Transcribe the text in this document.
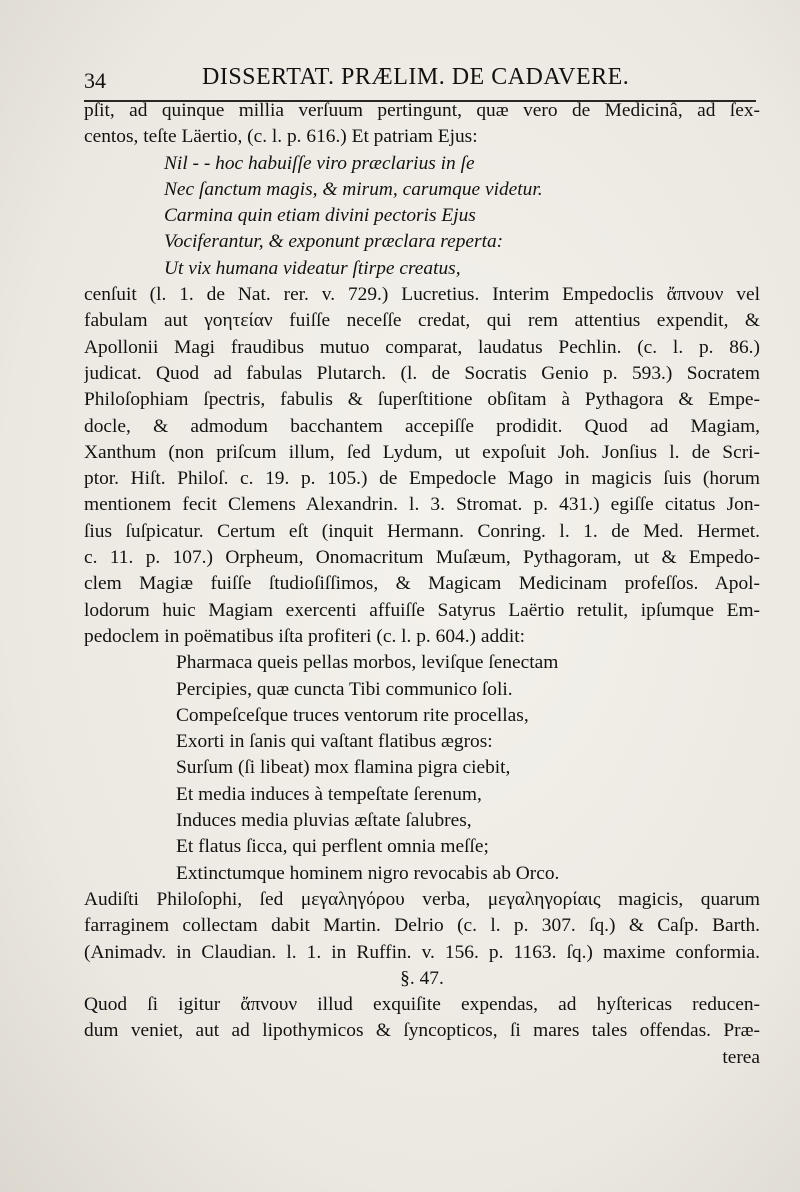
34	DISSERTAT. PRÆLIM. DE CADAVERE.
pſit, ad quinque millia verſuum pertingunt, quæ vero de Medicinâ, ad ſex-
centos, teſte Läertio, (c. l. p. 616.) Et patriam Ejus:
Nil - - hoc habuiſſe viro præclarius in ſe
Nec ſanctum magis, & mirum, carumque videtur.
Carmina quin etiam divini pectoris Ejus
Vociferantur, & exponunt præclara reperta:
Ut vix humana videatur ſtirpe creatus,
cenſuit (l. 1. de Nat. rer. v. 729.) Lucretius. Interim Empedoclis ἄπνουν vel
fabulam aut γοητείαν fuiſſe neceſſe credat, qui rem attentius expendit, &
Apollonii Magi fraudibus mutuo comparat, laudatus Pechlin. (c. l. p. 86.)
judicat. Quod ad fabulas Plutarch. (l. de Socratis Genio p. 593.) Socratem
Philoſophiam ſpectris, fabulis & ſuperſtitione obſitam à Pythagora & Empe-
docle, & admodum bacchantem accepiſſe prodidit. Quod ad Magiam,
Xanthum (non priſcum illum, ſed Lydum, ut expoſuit Joh. Jonſius l. de Scri-
ptor. Hiſt. Philoſ. c. 19. p. 105.) de Empedocle Mago in magicis ſuis (horum
mentionem fecit Clemens Alexandrin. l. 3. Stromat. p. 431.) egiſſe citatus Jon-
ſius ſuſpicatur. Certum eſt (inquit Hermann. Conring. l. 1. de Med. Hermet.
c. 11. p. 107.) Orpheum, Onomacritum Muſæum, Pythagoram, ut & Empedo-
clem Magiæ fuiſſe ſtudioſiſſimos, & Magicam Medicinam profeſſos. Apol-
lodorum huic Magiam exercenti affuiſſe Satyrus Laërtio retulit, ipſumque Em-
pedoclem in poëmatibus iſta profiteri (c. l. p. 604.) addit:
Pharmaca queis pellas morbos, leviſque ſenectam
Percipies, quæ cuncta Tibi communico ſoli.
Compeſceſque truces ventorum rite procellas,
Exorti in ſanis qui vaſtant flatibus ægros:
Surſum (ſi libeat) mox flamina pigra ciebit,
Et media induces à tempeſtate ſerenum,
Induces media pluvias æſtate ſalubres,
Et flatus ſicca, qui perflent omnia meſſe;
Extinctumque hominem nigro revocabis ab Orco.
Audiſti Philoſophi, ſed μεγαληγόρου verba, μεγαληγορίαις magicis, quarum
farraginem collectam dabit Martin. Delrio (c. l. p. 307. ſq.) & Caſp. Barth.
(Animadv. in Claudian. l. 1. in Ruffin. v. 156. p. 1163. ſq.) maxime conformia.
§. 47.
Quod ſi igitur ἄπνουν illud exquiſite expendas, ad hyſtericas reducen-
dum veniet, aut ad lipothymicos & ſyncopticos, ſi mares tales offendas. Præ-
terea
